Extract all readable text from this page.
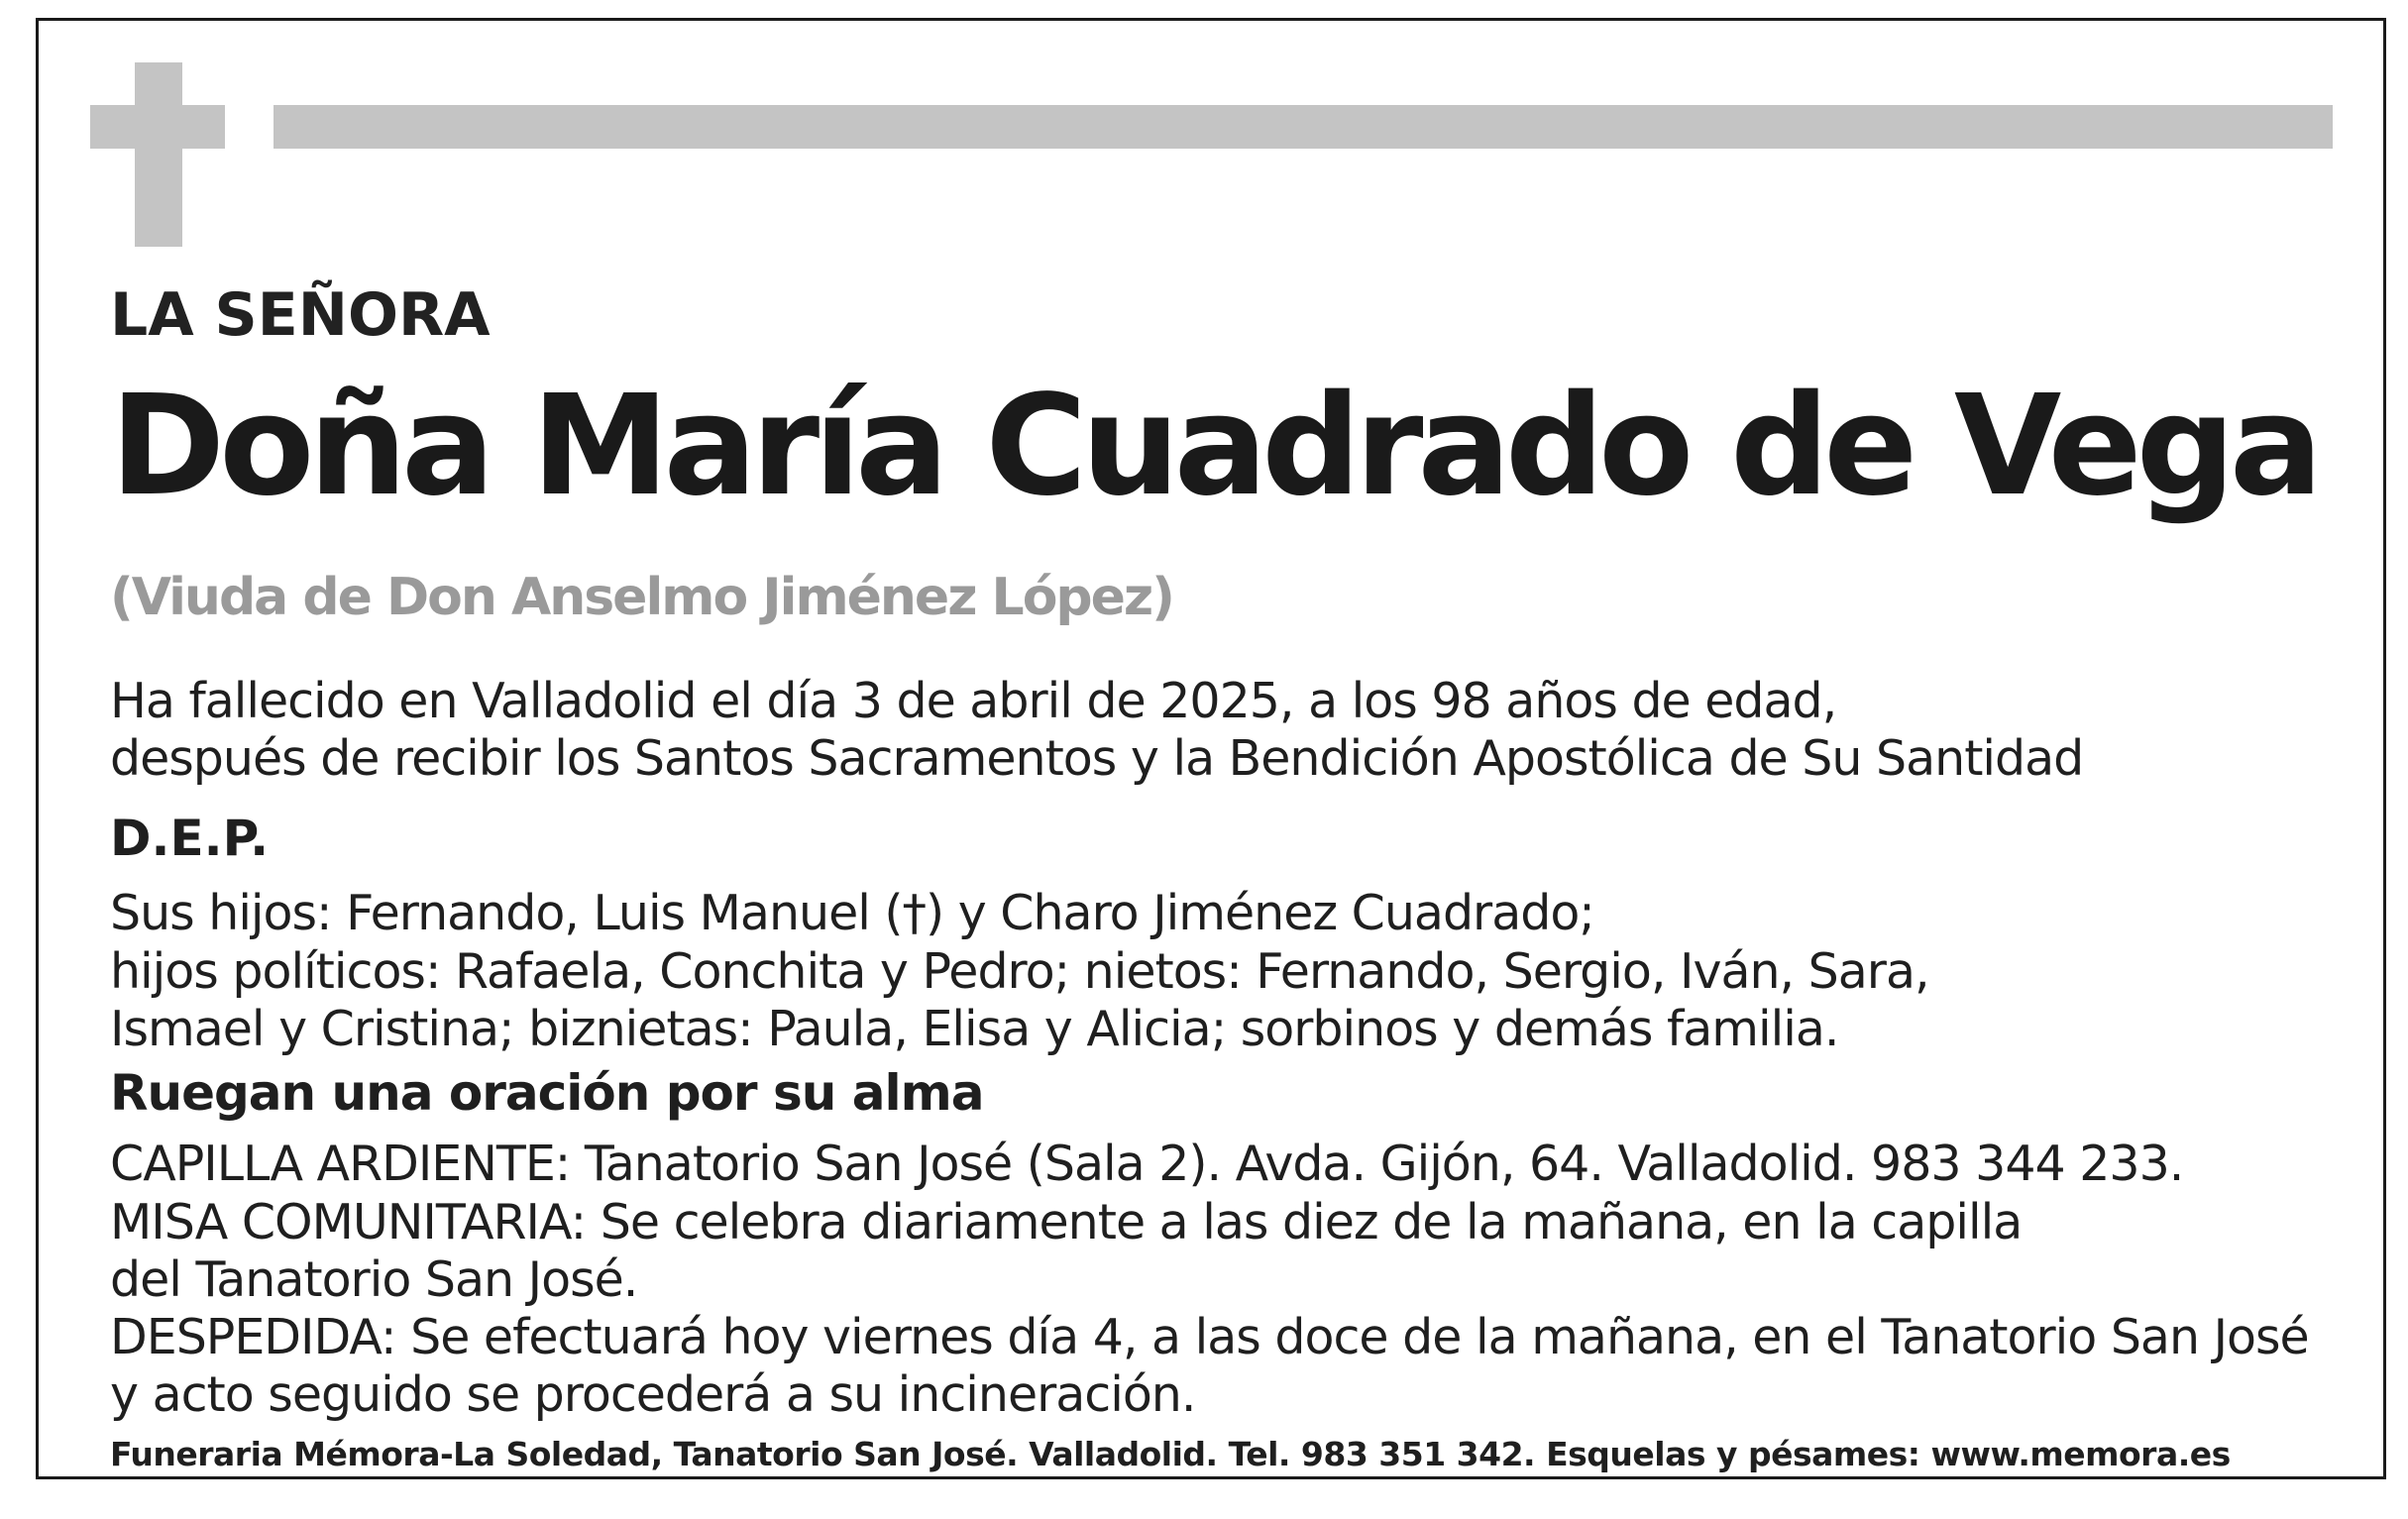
LA SEÑORA

Doña María Cuadrado de Vega

(Viuda de Don Anselmo Jiménez López)

Ha fallecido en Valladolid el día 3 de abril de 2025, a los 98 años de edad,

después de recibir los Santos Sacramentos y la Bendición Apostólica de Su Santidad

D.E.P.

Sus hijos: Fernando, Luis Manuel (†) y Charo Jiménez Cuadrado;

hijos políticos: Rafaela, Conchita y Pedro; nietos: Fernando, Sergio, Iván, Sara,

Ismael y Cristina; biznietas: Paula, Elisa y Alicia; sorbinos y demás familia.

Ruegan una oración por su alma

CAPILLA ARDIENTE: Tanatorio San José (Sala 2). Avda. Gijón, 64. Valladolid. 983 344 233.

MISA COMUNITARIA: Se celebra diariamente a las diez de la mañana, en la capilla

del Tanatorio San José.

DESPEDIDA: Se efectuará hoy viernes día 4, a las doce de la mañana, en el Tanatorio San José

y acto seguido se procederá a su incineración.

Funeraria Mémora-La Soledad, Tanatorio San José. Valladolid. Tel. 983 351 342. Esquelas y pésames: www.memora.es
